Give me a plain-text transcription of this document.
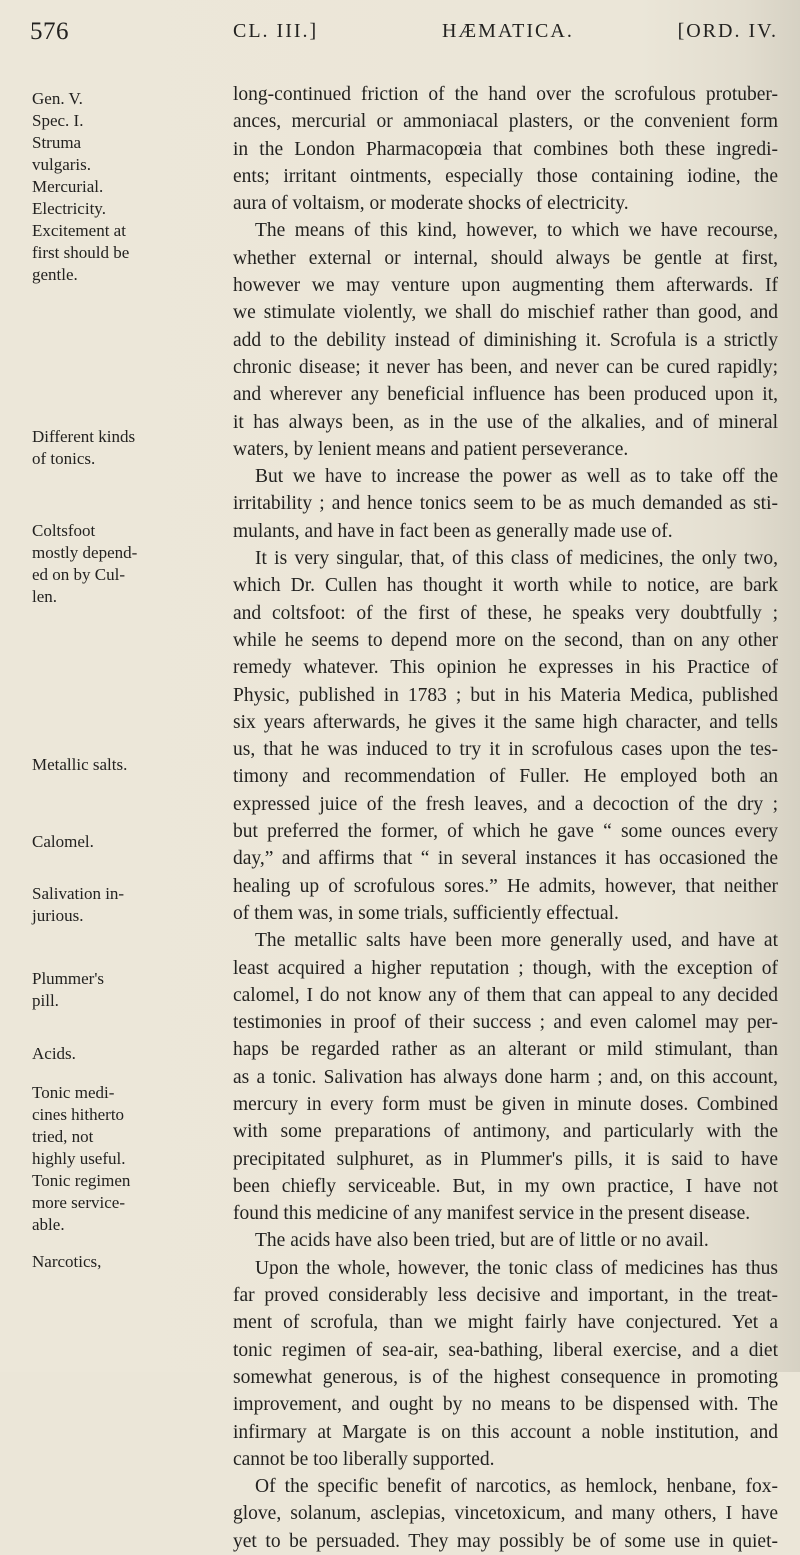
576	CL. III.]	HÆMATICA.	[ORD. IV.
Gen. V.
Spec. I.
Struma
vulgaris.
Mercurial.
Electricity.
Excitement at
first should be
gentle.
Different kinds
of tonics.
Coltsfoot
mostly depend-
ed on by Cul-
len.
Metallic salts.
Calomel.
Salivation in-
jurious.
Plummer's
pill.
Acids.
Tonic medi-
cines hitherto
tried, not
highly useful.
Tonic regimen
more service-
able.
Narcotics,
long-continued friction of the hand over the scrofulous protuber-
ances, mercurial or ammoniacal plasters, or the convenient form
in the London Pharmacopœia that combines both these ingredi-
ents; irritant ointments, especially those containing iodine, the
aura of voltaism, or moderate shocks of electricity.
The means of this kind, however, to which we have recourse,
whether external or internal, should always be gentle at first,
however we may venture upon augmenting them afterwards. If
we stimulate violently, we shall do mischief rather than good, and
add to the debility instead of diminishing it. Scrofula is a strictly
chronic disease; it never has been, and never can be cured rapidly;
and wherever any beneficial influence has been produced upon it,
it has always been, as in the use of the alkalies, and of mineral
waters, by lenient means and patient perseverance.
But we have to increase the power as well as to take off the
irritability ; and hence tonics seem to be as much demanded as sti-
mulants, and have in fact been as generally made use of.
It is very singular, that, of this class of medicines, the only two,
which Dr. Cullen has thought it worth while to notice, are bark
and coltsfoot: of the first of these, he speaks very doubtfully ;
while he seems to depend more on the second, than on any other
remedy whatever. This opinion he expresses in his Practice of
Physic, published in 1783 ; but in his Materia Medica, published
six years afterwards, he gives it the same high character, and tells
us, that he was induced to try it in scrofulous cases upon the tes-
timony and recommendation of Fuller. He employed both an
expressed juice of the fresh leaves, and a decoction of the dry ;
but preferred the former, of which he gave “ some ounces every
day,” and affirms that “ in several instances it has occasioned the
healing up of scrofulous sores.” He admits, however, that neither
of them was, in some trials, sufficiently effectual.
The metallic salts have been more generally used, and have at
least acquired a higher reputation ; though, with the exception of
calomel, I do not know any of them that can appeal to any decided
testimonies in proof of their success ; and even calomel may per-
haps be regarded rather as an alterant or mild stimulant, than
as a tonic. Salivation has always done harm ; and, on this account,
mercury in every form must be given in minute doses. Combined
with some preparations of antimony, and particularly with the
precipitated sulphuret, as in Plummer's pills, it is said to have
been chiefly serviceable. But, in my own practice, I have not
found this medicine of any manifest service in the present disease.
The acids have also been tried, but are of little or no avail.
Upon the whole, however, the tonic class of medicines has thus
far proved considerably less decisive and important, in the treat-
ment of scrofula, than we might fairly have conjectured. Yet a
tonic regimen of sea-air, sea-bathing, liberal exercise, and a diet
somewhat generous, is of the highest consequence in promoting
improvement, and ought by no means to be dispensed with. The
infirmary at Margate is on this account a noble institution, and
cannot be too liberally supported.
Of the specific benefit of narcotics, as hemlock, henbane, fox-
glove, solanum, asclepias, vincetoxicum, and many others, I have
yet to be persuaded. They may possibly be of some use in quiet-
